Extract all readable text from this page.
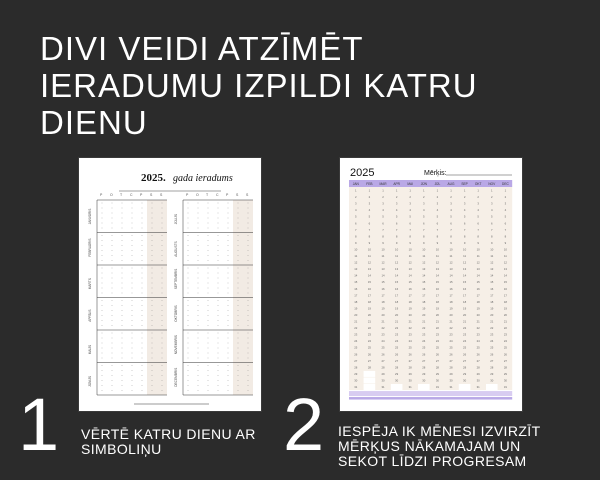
DIVI VEIDI ATZĪMĒT
IERADUMU IZPILDI KATRU
DIENU
2025. gada ieradums
P O T C P S S
JANVĀRIS
FEBRUĀRIS
MARTS
APRĪLIS
MAIJS
JŪNIJS
P O T C P S S
JŪLIJS
AUGUSTS
SEPTEMBRIS
OKTOBRIS
NOVEMBRIS
DECEMBRIS
2025	Mērķis:
JAN FEB MAR APR MAI JŪN JŪL AUG SEP OKT NOV DEC
1	1	1	1	1	1	1	1	1	1	1	1
2	2	2	2	2	2	2	2	2	2	2	2
3	3	3	3	3	3	3	3	3	3	3	3
4	4	4	4	4	4	4	4	4	4	4	4
5	5	5	5	5	5	5	5	5	5	5	5
6	6	6	6	6	6	6	6	6	6	6	6
7	7	7	7	7	7	7	7	7	7	7	7
8	8	8	8	8	8	8	8	8	8	8	8
9	9	9	9	9	9	9	9	9	9	9	9
10	10	10	10	10	10	10	10	10	10	10	10
11	11	11	11	11	11	11	11	11	11	11	11
12	12	12	12	12	12	12	12	12	12	12	12
13	13	13	13	13	13	13	13	13	13	13	13
14	14	14	14	14	14	14	14	14	14	14	14
15	15	15	15	15	15	15	15	15	15	15	15
16	16	16	16	16	16	16	16	16	16	16	16
17	17	17	17	17	17	17	17	17	17	17	17
18	18	18	18	18	18	18	18	18	18	18	18
19	19	19	19	19	19	19	19	19	19	19	19
20	20	20	20	20	20	20	20	20	20	20	20
21	21	21	21	21	21	21	21	21	21	21	21
22	22	22	22	22	22	22	22	22	22	22	22
23	23	23	23	23	23	23	23	23	23	23	23
24	24	24	24	24	24	24	24	24	24	24	24
25	25	25	25	25	25	25	25	25	25	25	25
26	26	26	26	26	26	26	26	26	26	26	26
27	27	27	27	27	27	27	27	27	27	27	27
28	28	28	28	28	28	28	28	28	28	28	28
29	29	29	29	29	29	29	29	29	29	29
30	30	30	30	30	30	30	30	30	30	30
31	31	31	31	31	31	31
1 VĒRTĒ KATRU DIENU AR
SIMBOLIŅU	2 IESPĒJA IK MĒNESI IZVIRZĪT
MĒRĶUS NĀKAMAJAM UN
SEKOT LĪDZI PROGRESAM
